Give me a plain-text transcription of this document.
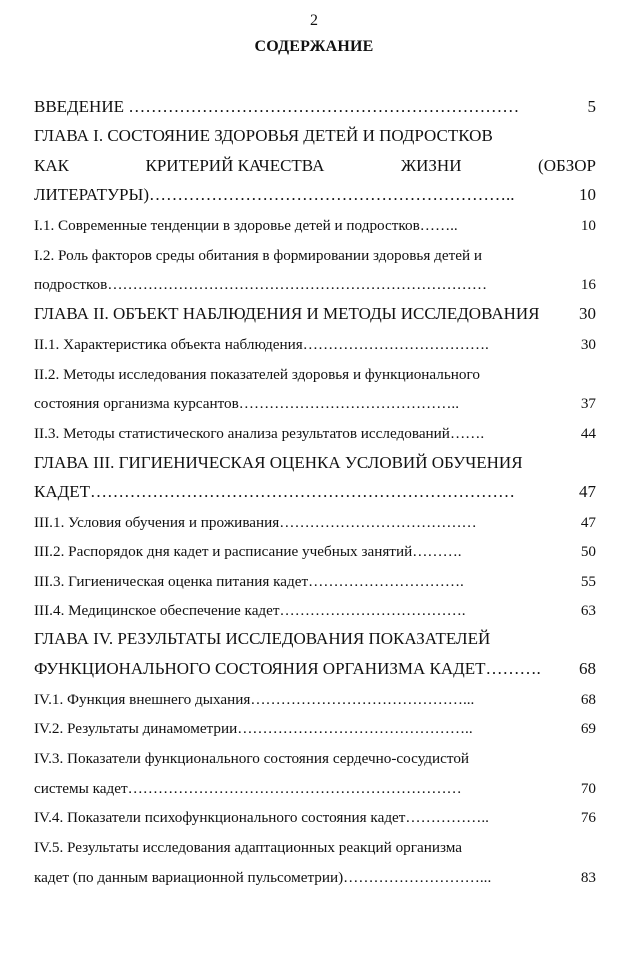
2
СОДЕРЖАНИЕ
ВВЕДЕНИЕ ……………………………………………………………	5
ГЛАВА I. СОСТОЯНИЕ ЗДОРОВЬЯ ДЕТЕЙ И ПОДРОСТКОВ
КАК	КРИТЕРИЙ КАЧЕСТВА	ЖИЗНИ	(ОБЗОР
ЛИТЕРАТУРЫ)………………………………………………………..	10
I.1. Современные тенденции в здоровье детей и подростков……..	10
I.2. Роль факторов среды обитания в формировании здоровья детей и
подростков…………………………………………………………………	16
ГЛАВА II. ОБЪЕКТ НАБЛЮДЕНИЯ И МЕТОДЫ ИССЛЕДОВАНИЯ 30
II.1. Характеристика объекта наблюдения……………………………….	30
II.2. Методы исследования показателей здоровья и функционального
состояния организма курсантов……………………………………..	37
II.3. Методы статистического анализа результатов исследований…….	44
ГЛАВА III. ГИГИЕНИЧЕСКАЯ ОЦЕНКА УСЛОВИЙ ОБУЧЕНИЯ
КАДЕТ…………………………………………………………………	47
III.1. Условия обучения и проживания…………………………………	47
III.2. Распорядок дня кадет и расписание учебных занятий……….	50
III.3. Гигиеническая оценка питания кадет………………………….	55
III.4. Медицинское обеспечение кадет……………………………….	63
ГЛАВА IV. РЕЗУЛЬТАТЫ ИССЛЕДОВАНИЯ ПОКАЗАТЕЛЕЙ
ФУНКЦИОНАЛЬНОГО СОСТОЯНИЯ ОРГАНИЗМА КАДЕТ………. 68
IV.1. Функция внешнего дыхания……………………………………...	68
IV.2. Результаты динамометрии………………………………………..	69
IV.3. Показатели функционального состояния сердечно-сосудистой
системы кадет…………………………………………………………	70
IV.4. Показатели психофункционального состояния кадет……………..	76
IV.5. Результаты исследования адаптационных реакций организма
кадет (по данным вариационной пульсометрии)………………………...	83
